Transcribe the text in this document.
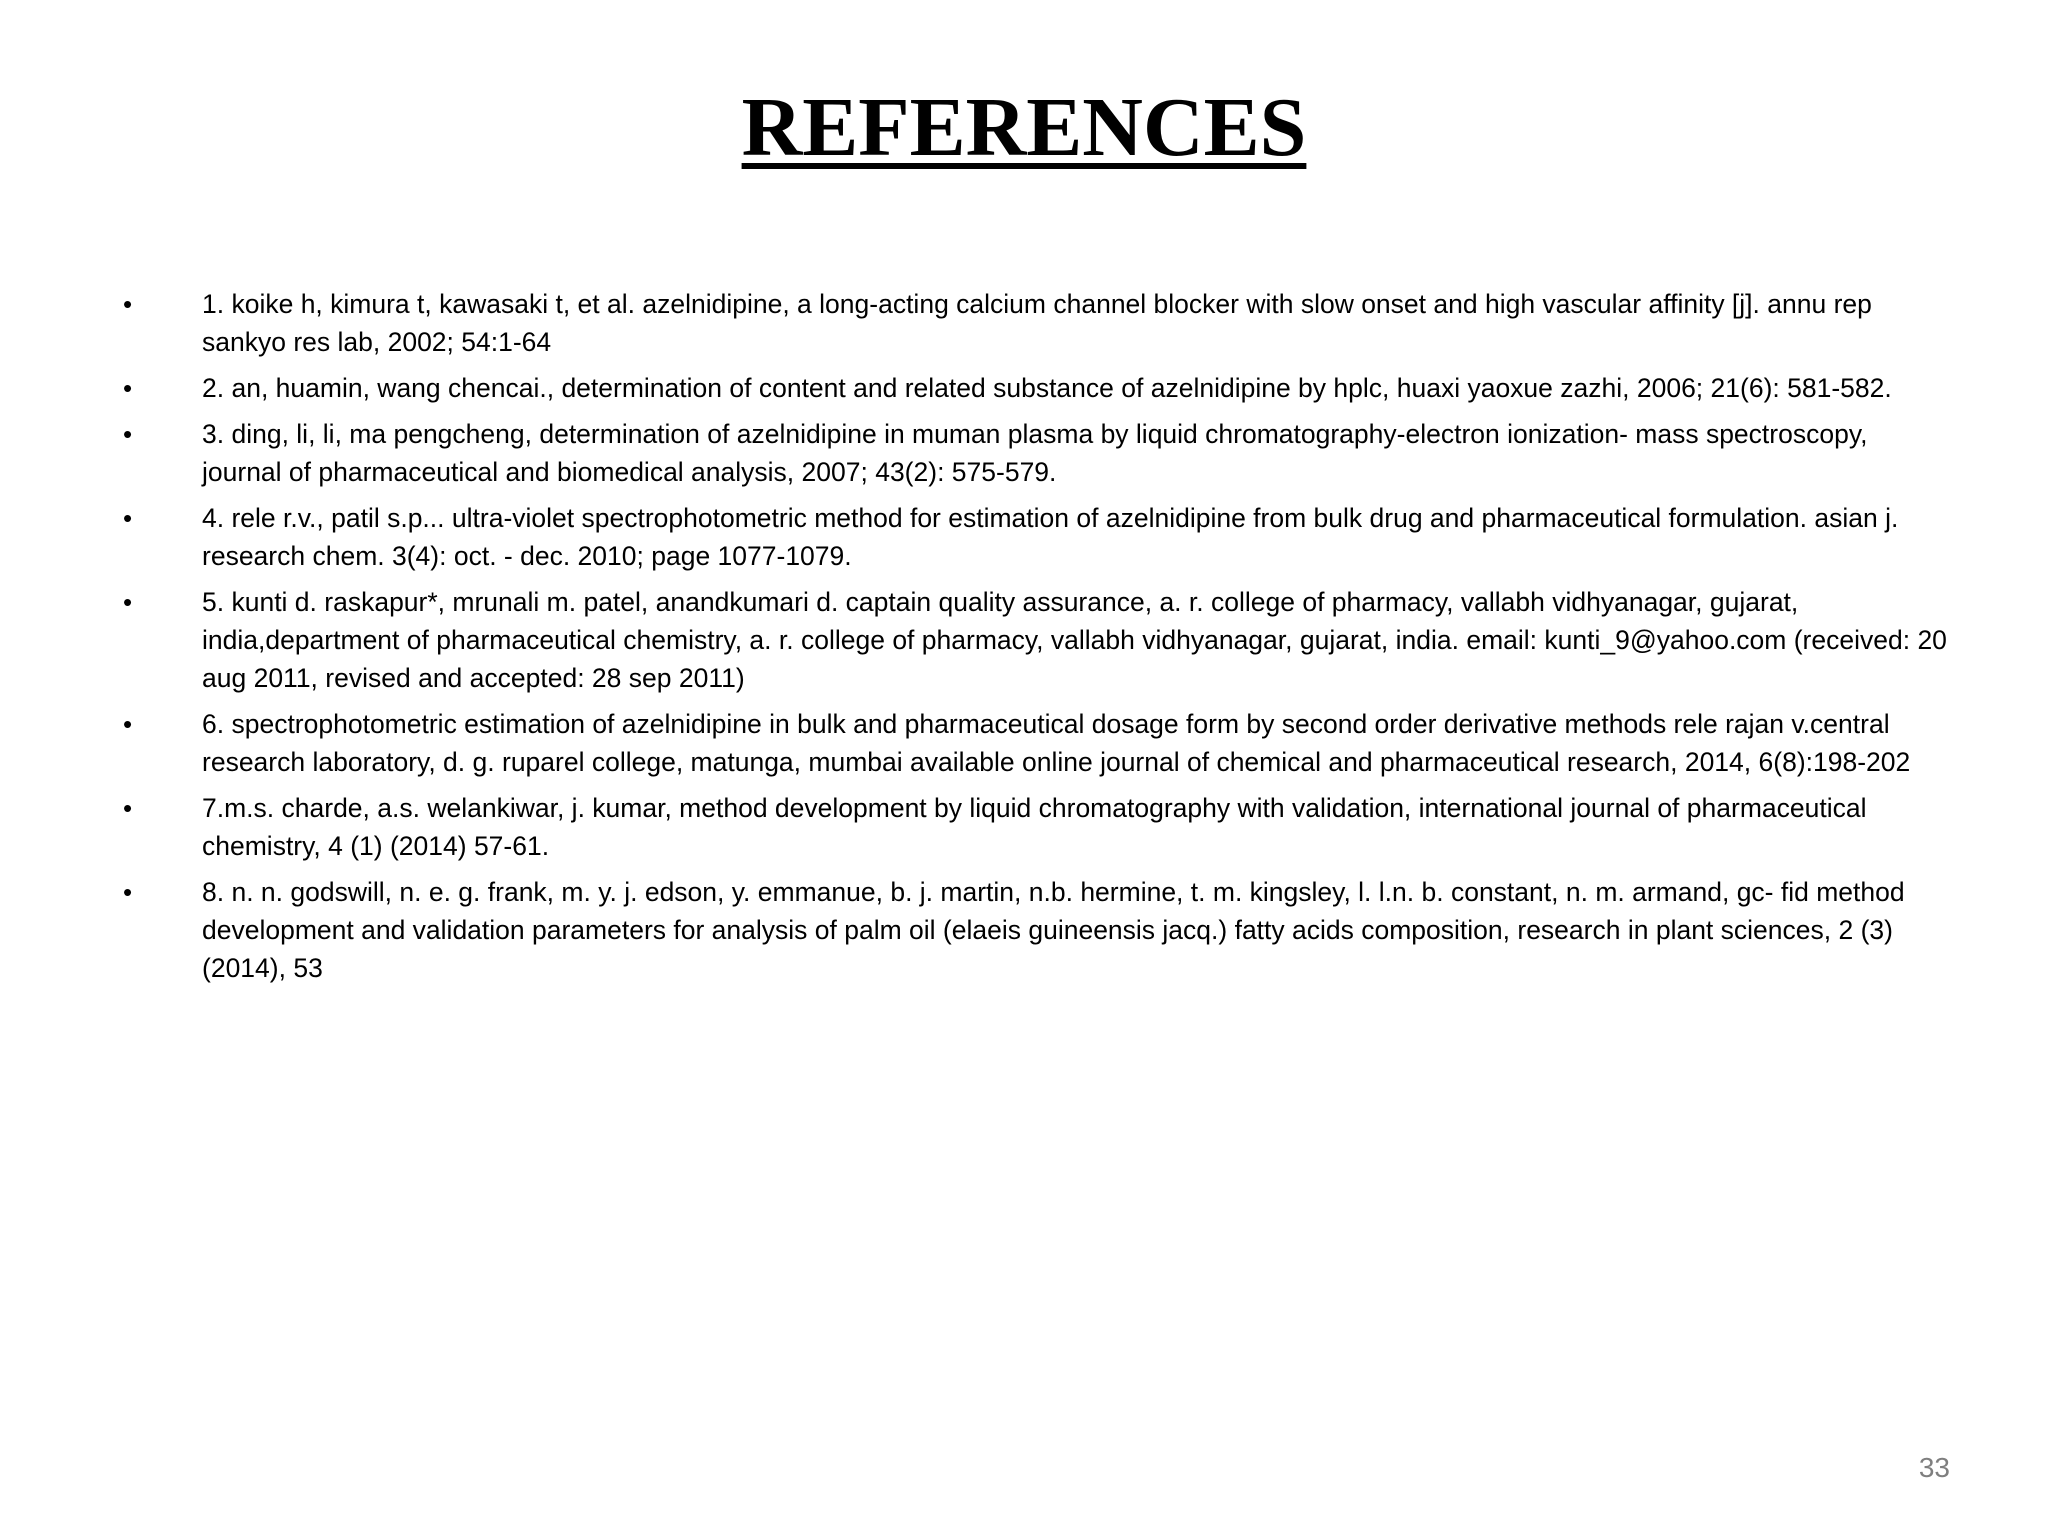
REFERENCES
•	1. koike h, kimura t, kawasaki t, et al. azelnidipine, a long-acting calcium channel blocker with slow onset and high vascular affinity [j]. annu rep sankyo res lab, 2002; 54:1-64
•	2. an, huamin, wang chencai., determination of content and related substance of azelnidipine by hplc, huaxi yaoxue zazhi, 2006; 21(6): 581-582.
•	3. ding, li, li, ma pengcheng, determination of azelnidipine in muman plasma by liquid chromatography-electron ionization- mass spectroscopy, journal of pharmaceutical and biomedical analysis, 2007; 43(2): 575-579.
•	4. rele r.v., patil s.p... ultra-violet spectrophotometric method for estimation of azelnidipine from bulk drug and pharmaceutical formulation. asian j. research chem. 3(4): oct. - dec. 2010; page 1077-1079.
•	5. kunti d. raskapur*, mrunali m. patel, anandkumari d. captain quality assurance, a. r. college of pharmacy, vallabh vidhyanagar, gujarat, india,department of pharmaceutical chemistry, a. r. college of pharmacy, vallabh vidhyanagar, gujarat, india. email: kunti_9@yahoo.com (received: 20 aug 2011, revised and accepted: 28 sep 2011)
•	6. spectrophotometric estimation of azelnidipine in bulk and pharmaceutical dosage form by second order derivative methods rele rajan v.central research laboratory, d. g. ruparel college, matunga, mumbai available online journal of chemical and pharmaceutical research, 2014, 6(8):198-202
•	7.m.s. charde, a.s. welankiwar, j. kumar, method development by liquid chromatography with validation, international journal of pharmaceutical chemistry, 4 (1) (2014) 57-61.
•	8. n. n. godswill, n. e. g. frank, m. y. j. edson, y. emmanue, b. j. martin, n.b. hermine, t. m. kingsley, l. l.n. b. constant, n. m. armand, gc- fid method development and validation parameters for analysis of palm oil (elaeis guineensis jacq.) fatty acids composition, research in plant sciences, 2 (3) (2014), 53
33
